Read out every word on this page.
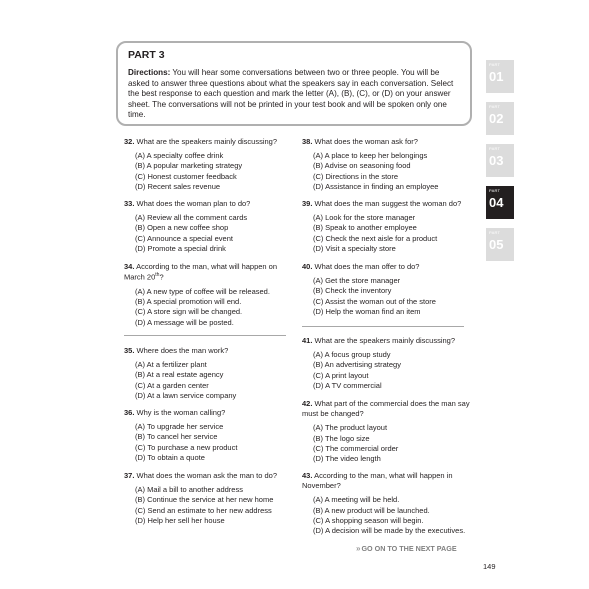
PART 3

Directions: You will hear some conversations between two or three people. You will be asked to answer three questions about what the speakers say in each conversation. Select the best response to each question and mark the letter (A), (B), (C), or (D) on your answer sheet. The conversations will not be printed in your test book and will be spoken only one time.

32. What are the speakers mainly discussing?

(A) A specialty coffee drink

(B) A popular marketing strategy

(C) Honest customer feedback

(D) Recent sales revenue

33. What does the woman plan to do?

(A) Review all the comment cards

(B) Open a new coffee shop

(C) Announce a special event

(D) Promote a special drink

34. According to the man, what will happen on March 20th?

(A) A new type of coffee will be released.

(B) A special promotion will end.

(C) A store sign will be changed.

(D) A message will be posted.

35. Where does the man work?

(A) At a fertilizer plant

(B) At a real estate agency

(C) At a garden center

(D) At a lawn service company

36. Why is the woman calling?

(A) To upgrade her service

(B) To cancel her service

(C) To purchase a new product

(D) To obtain a quote

37. What does the woman ask the man to do?

(A) Mail a bill to another address

(B) Continue the service at her new home

(C) Send an estimate to her new address

(D) Help her sell her house

38. What does the woman ask for?

(A) A place to keep her belongings

(B) Advise on seasoning food

(C) Directions in the store

(D) Assistance in finding an employee

39. What does the man suggest the woman do?

(A) Look for the store manager

(B) Speak to another employee

(C) Check the next aisle for a product

(D) Visit a specialty store

40. What does the man offer to do?

(A) Get the store manager

(B) Check the inventory

(C) Assist the woman out of the store

(D) Help the woman find an item

41. What are the speakers mainly discussing?

(A) A focus group study

(B) An advertising strategy

(C) A print layout

(D) A TV commercial

42. What part of the commercial does the man say must be changed?

(A) The product layout

(B) The logo size

(C) The commercial order

(D) The video length

43. According to the man, what will happen in November?

(A) A meeting will be held.

(B) A new product will be launched.

(C) A shopping season will begin.

(D) A decision will be made by the executives.

PART
01
PART
02
PART
03
PART
04
PART
05
»GO ON TO THE NEXT PAGE
149
